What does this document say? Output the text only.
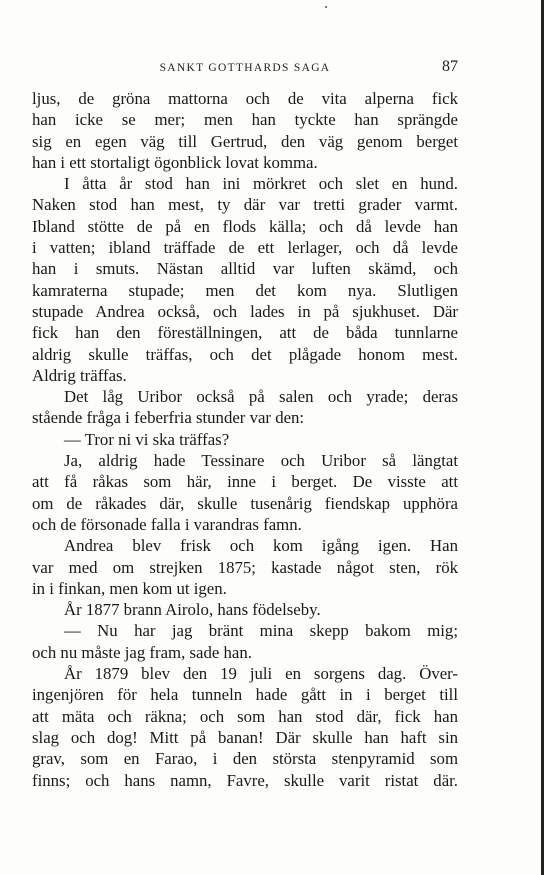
SANKT GOTTHARDS SAGA	87
ljus, de gröna mattorna och de vita alperna fick
han icke se mer; men han tyckte han sprängde
sig en egen väg till Gertrud, den väg genom berget
han i ett stortaligt ögonblick lovat komma.
I åtta år stod han ini mörkret och slet en hund.
Naken stod han mest, ty där var tretti grader varmt.
Ibland stötte de på en flods källa; och då levde han
i vatten; ibland träffade de ett lerlager, och då levde
han i smuts. Nästan alltid var luften skämd, och
kamraterna stupade; men det kom nya. Slutligen
stupade Andrea också, och lades in på sjukhuset. Där
fick han den föreställningen, att de båda tunnlarne
aldrig skulle träffas, och det plågade honom mest.
Aldrig träffas.
Det låg Uribor också på salen och yrade; deras
stående fråga i feberfria stunder var den:
— Tror ni vi ska träffas?
Ja, aldrig hade Tessinare och Uribor så längtat
att få råkas som här, inne i berget. De visste att
om de råkades där, skulle tusenårig fiendskap upphöra
och de försonade falla i varandras famn.
Andrea blev frisk och kom igång igen. Han
var med om strejken 1875; kastade något sten, rök
in i finkan, men kom ut igen.
År 1877 brann Airolo, hans födelseby.
— Nu har jag bränt mina skepp bakom mig;
och nu måste jag fram, sade han.
År 1879 blev den 19 juli en sorgens dag. Över-
ingenjören för hela tunneln hade gått in i berget till
att mäta och räkna; och som han stod där, fick han
slag och dog! Mitt på banan! Där skulle han haft sin
grav, som en Farao, i den största stenpyramid som
finns; och hans namn, Favre, skulle varit ristat där.
